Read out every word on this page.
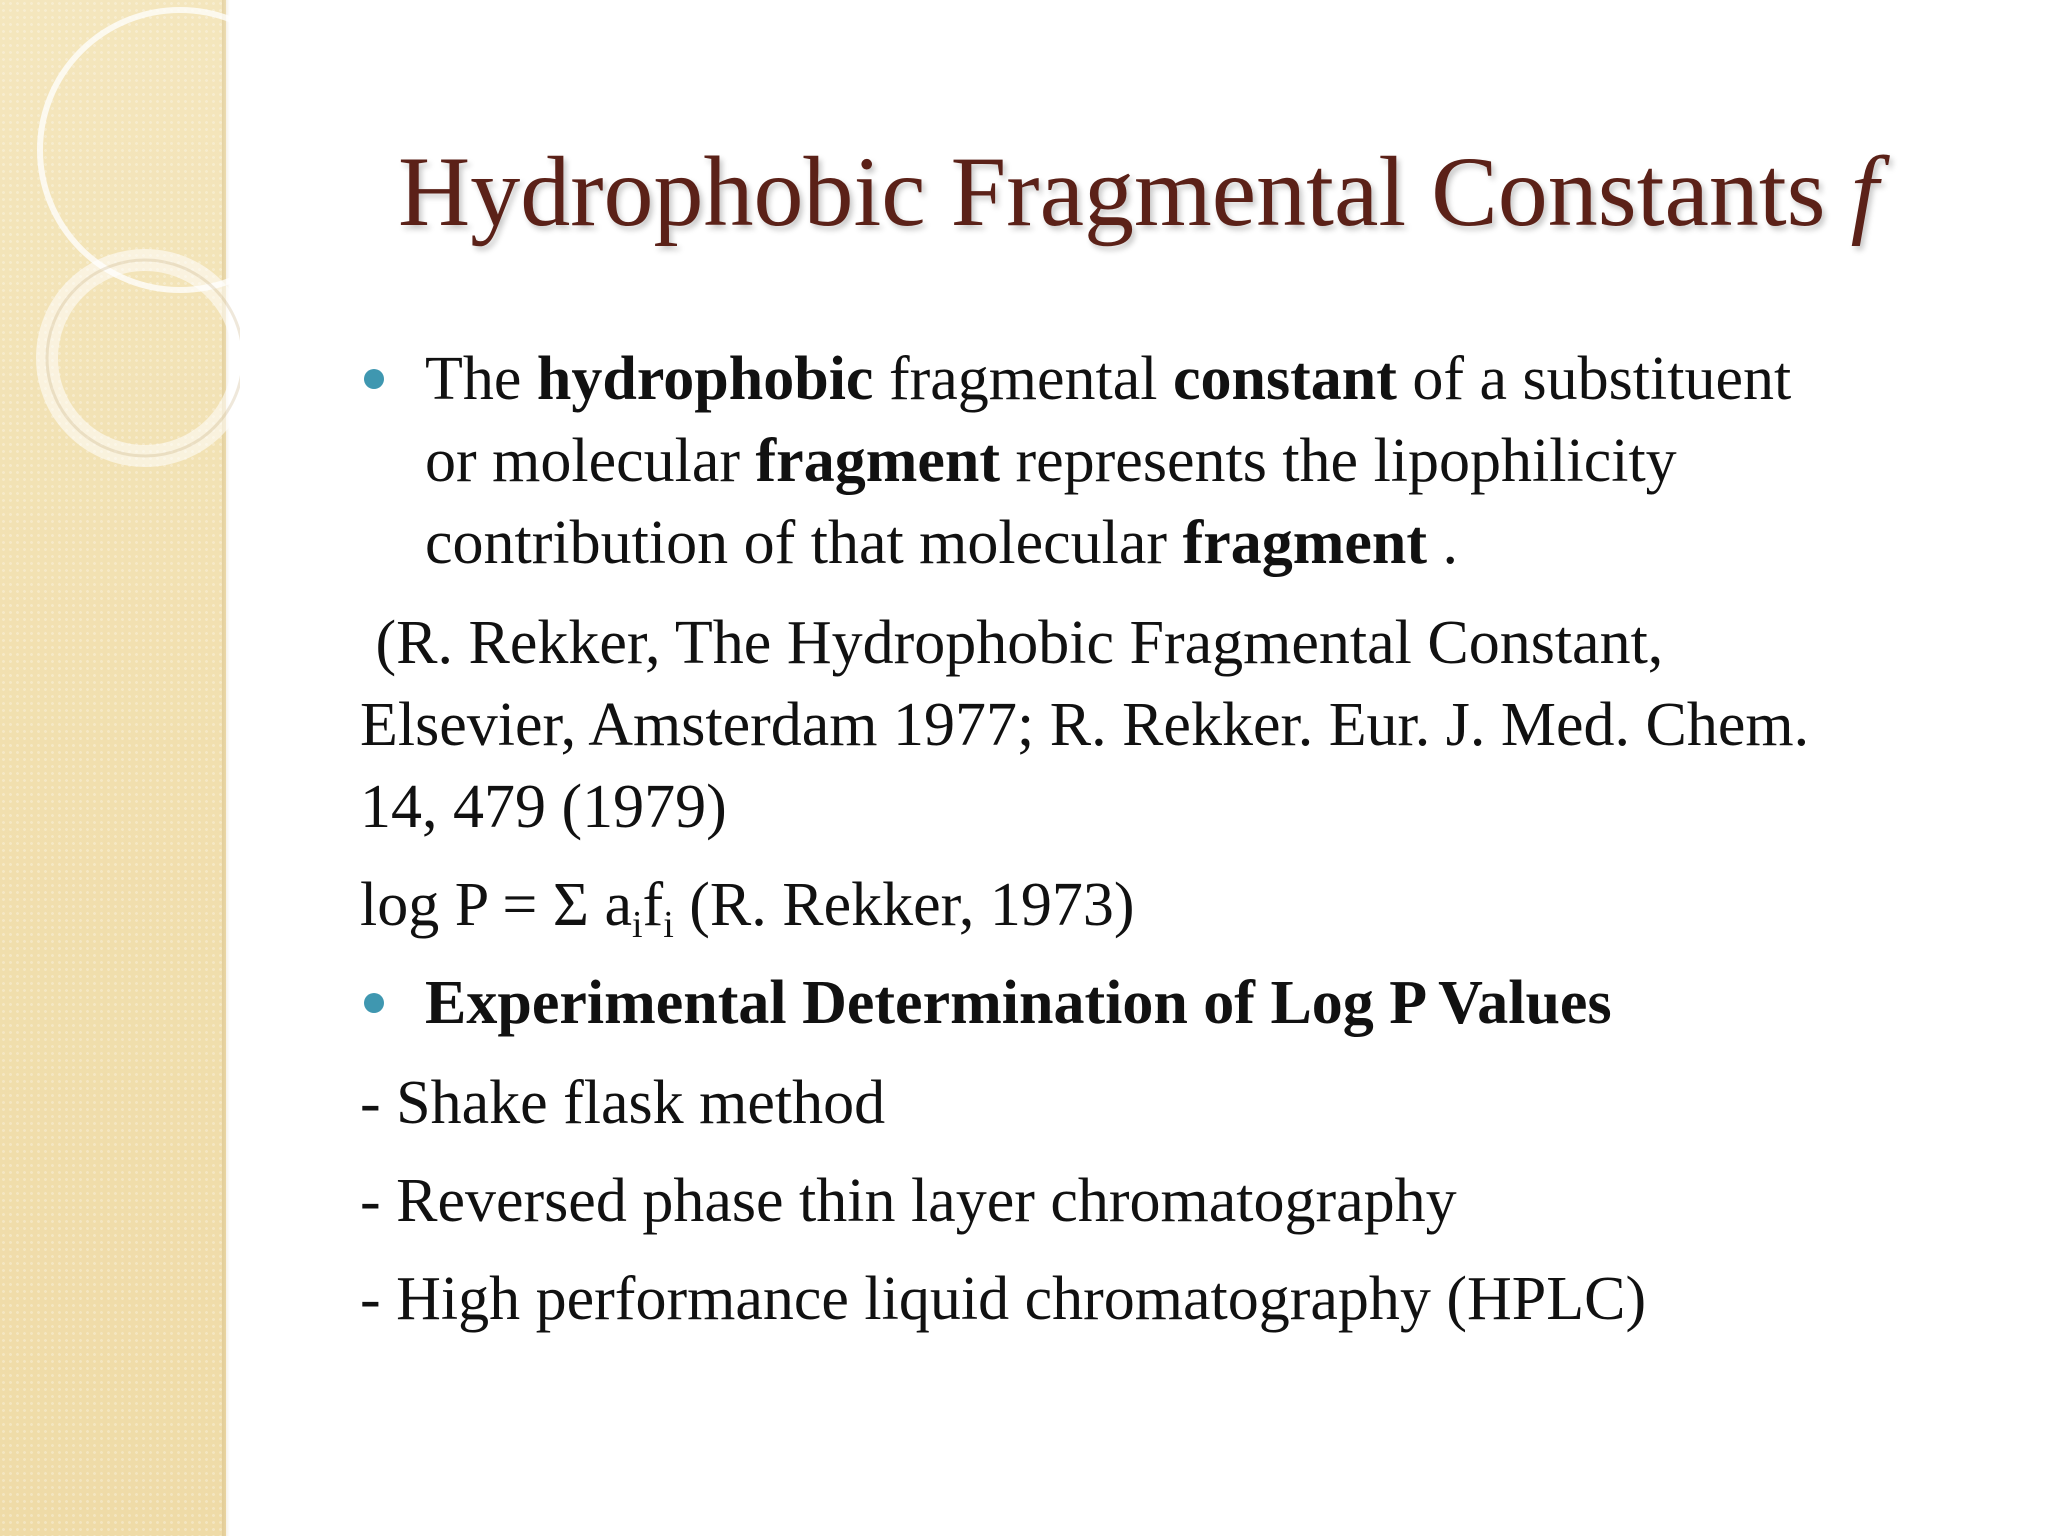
Hydrophobic Fragmental Constants f
The hydrophobic fragmental constant of a substituent
or molecular fragment represents the lipophilicity
contribution of that molecular fragment .
(R. Rekker, The Hydrophobic Fragmental Constant,
Elsevier, Amsterdam 1977; R. Rekker. Eur. J. Med. Chem.
14, 479 (1979)
log P = Σ $a_if_i$ (R. Rekker, 1973)
Experimental Determination of Log P Values
- Shake flask method
- Reversed phase thin layer chromatography
- High performance liquid chromatography (HPLC)
